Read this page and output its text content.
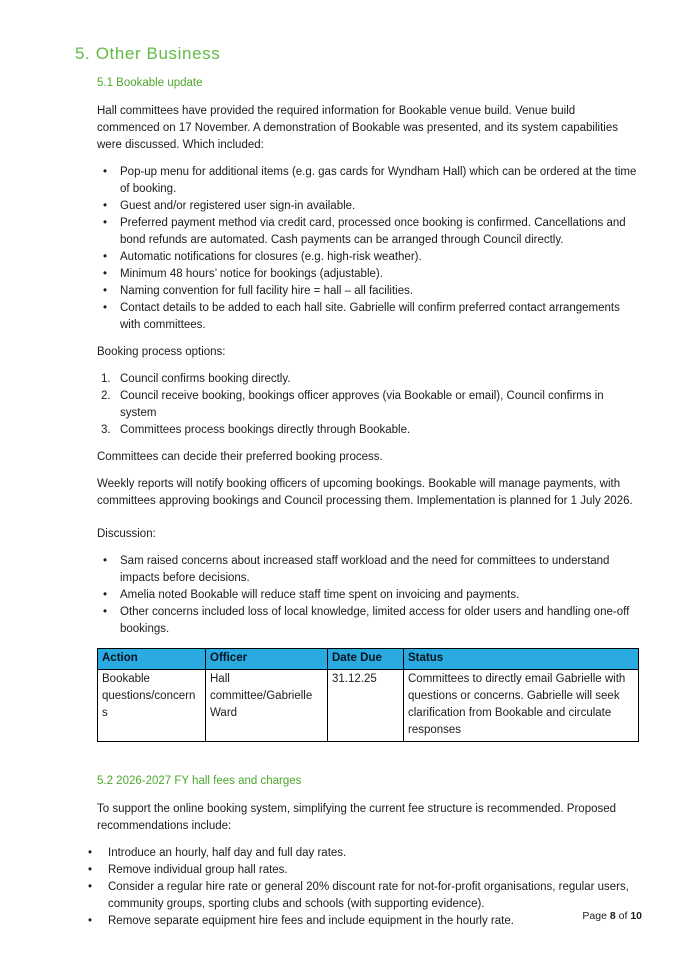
5. Other Business
5.1 Bookable update

Hall committees have provided the required information for Bookable venue build. Venue build commenced on 17 November. A demonstration of Bookable was presented, and its system capabilities were discussed. Which included:

• Pop-up menu for additional items (e.g. gas cards for Wyndham Hall) which can be ordered at the time of booking.
• Guest and/or registered user sign-in available.
• Preferred payment method via credit card, processed once booking is confirmed. Cancellations and bond refunds are automated. Cash payments can be arranged through Council directly.
• Automatic notifications for closures (e.g. high-risk weather).
• Minimum 48 hours’ notice for bookings (adjustable).
• Naming convention for full facility hire = hall – all facilities.
• Contact details to be added to each hall site. Gabrielle will confirm preferred contact arrangements with committees.

Booking process options:

Council confirms booking directly.
Council receive booking, bookings officer approves (via Bookable or email), Council confirms in system
Committees process bookings directly through Bookable.

Committees can decide their preferred booking process.

Weekly reports will notify booking officers of upcoming bookings. Bookable will manage payments, with committees approving bookings and Council processing them. Implementation is planned for 1 July 2026.

Discussion:

• Sam raised concerns about increased staff workload and the need for committees to understand impacts before decisions.
• Amelia noted Bookable will reduce staff time spent on invoicing and payments.
• Other concerns included loss of local knowledge, limited access for older users and handling one-off bookings.
Action	Officer	Date Due	Status
Bookable questions/concerns	Hall committee/Gabrielle Ward	31.12.25	Committees to directly email Gabrielle with questions or concerns. Gabrielle will seek clarification from Bookable and circulate responses
5.2 2026-2027 FY hall fees and charges

To support the online booking system, simplifying the current fee structure is recommended. Proposed recommendations include:

• Introduce an hourly, half day and full day rates.
• Remove individual group hall rates.
• Consider a regular hire rate or general 20% discount rate for not-for-profit organisations, regular users, community groups, sporting clubs and schools (with supporting evidence).
• Remove separate equipment hire fees and include equipment in the hourly rate.	Page 8 of 10
